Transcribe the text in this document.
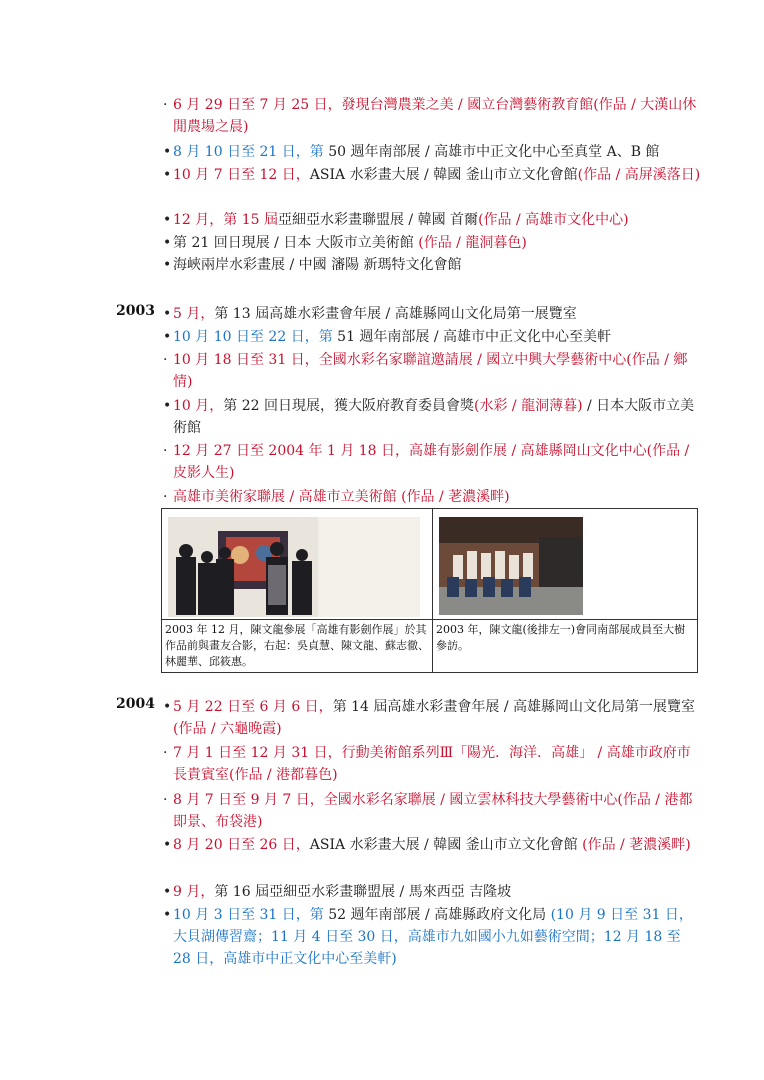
2003
2004
· 6 月 29 日至 7 月 25 日，發現台灣農業之美 / 國立台灣藝術教育館(作品 / 大漢山休閒農場之晨)
• 8 月 10 日至 21 日，第 50 週年南部展 / 高雄市中正文化中心至真堂 A、B 館
• 10 月 7 日至 12 日，ASIA 水彩畫大展 / 韓國 釜山市立文化會館(作品 / 高屏溪落日)
• 12 月，第 15 屆亞細亞水彩畫聯盟展 / 韓國 首爾(作品 / 高雄市文化中心)
• 第 21 回日現展 / 日本 大阪市立美術館 (作品 / 龍洞暮色)
• 海峽兩岸水彩畫展 / 中國 瀋陽 新瑪特文化會館
• 5 月，第 13 屆高雄水彩畫會年展 / 高雄縣岡山文化局第一展覽室
• 10 月 10 日至 22 日，第 51 週年南部展 / 高雄市中正文化中心至美軒
· 10 月 18 日至 31 日，全國水彩名家聯誼邀請展 / 國立中興大學藝術中心(作品 / 鄉情)
• 10 月，第 22 回日現展，獲大阪府教育委員會獎(水彩 / 龍洞薄暮) / 日本大阪市立美術館
· 12 月 27 日至 2004 年 1 月 18 日，高雄有影劍作展 / 高雄縣岡山文化中心(作品 / 皮影人生)
· 高雄市美術家聯展 / 高雄市立美術館 (作品 / 荖濃溪畔)
• 5 月 22 日至 6 月 6 日，第 14 屆高雄水彩畫會年展 / 高雄縣岡山文化局第一展覽室(作品 / 六龜晚霞)
· 7 月 1 日至 12 月 31 日，行動美術館系列Ⅲ「陽光．海洋．高雄」 / 高雄市政府市長貴賓室(作品 / 港都暮色)
· 8 月 7 日至 9 月 7 日，全國水彩名家聯展 / 國立雲林科技大學藝術中心(作品 / 港都即景、布袋港)
• 8 月 20 日至 26 日，ASIA 水彩畫大展 / 韓國 釜山市立文化會館 (作品 / 荖濃溪畔)
• 9 月，第 16 屆亞細亞水彩畫聯盟展 / 馬來西亞 吉隆坡
• 10 月 3 日至 31 日，第 52 週年南部展 / 高雄縣政府文化局 (10 月 9 日至 31 日，大貝湖傳習齋；11 月 4 日至 30 日，高雄市九如國小九如藝術空間；12 月 18 至 28 日，高雄市中正文化中心至美軒)

2003 年 12 月，陳文龍參展「高雄有影劍作展」於其作品前與畫友合影，右起：吳貞慧、陳文龍、蘇志徹、林麗華、邱筱惠。	2003 年，陳文龍(後排左一)會同南部展成員至大樹參訪。
